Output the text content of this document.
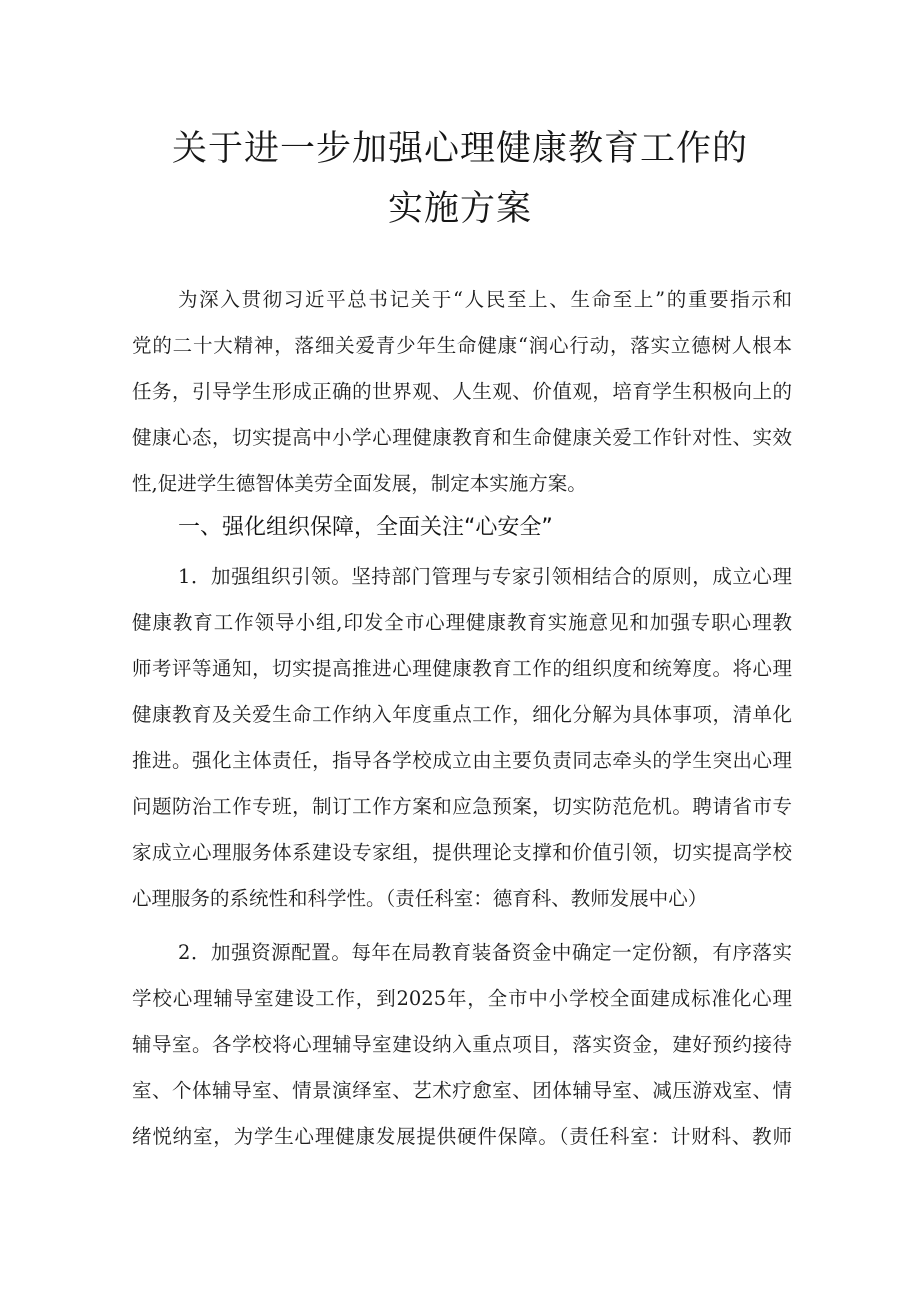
关于进一步加强心理健康教育工作的
实施方案
为深入贯彻习近平总书记关于“人民至上、生命至上”的重要指示和
党的二十大精神，落细关爱青少年生命健康“润心行动，落实立德树人根本
任务，引导学生形成正确的世界观、人生观、价值观，培育学生积极向上的
健康心态，切实提高中小学心理健康教育和生命健康关爱工作针对性、实效
性,促进学生德智体美劳全面发展，制定本实施方案。
一、强化组织保障，全面关注“心安全”
1．加强组织引领。坚持部门管理与专家引领相结合的原则，成立心理
健康教育工作领导小组,印发全市心理健康教育实施意见和加强专职心理教
师考评等通知，切实提高推进心理健康教育工作的组织度和统筹度。将心理
健康教育及关爱生命工作纳入年度重点工作，细化分解为具体事项，清单化
推进。强化主体责任，指导各学校成立由主要负责同志牵头的学生突出心理
问题防治工作专班，制订工作方案和应急预案，切实防范危机。聘请省市专
家成立心理服务体系建设专家组，提供理论支撑和价值引领，切实提高学校
心理服务的系统性和科学性。（责任科室：德育科、教师发展中心）
2．加强资源配置。每年在局教育装备资金中确定一定份额，有序落实
学校心理辅导室建设工作，到2025年，全市中小学校全面建成标准化心理
辅导室。各学校将心理辅导室建设纳入重点项目，落实资金，建好预约接待
室、个体辅导室、情景演绎室、艺术疗愈室、团体辅导室、减压游戏室、情
绪悦纳室，为学生心理健康发展提供硬件保障。（责任科室：计财科、教师
